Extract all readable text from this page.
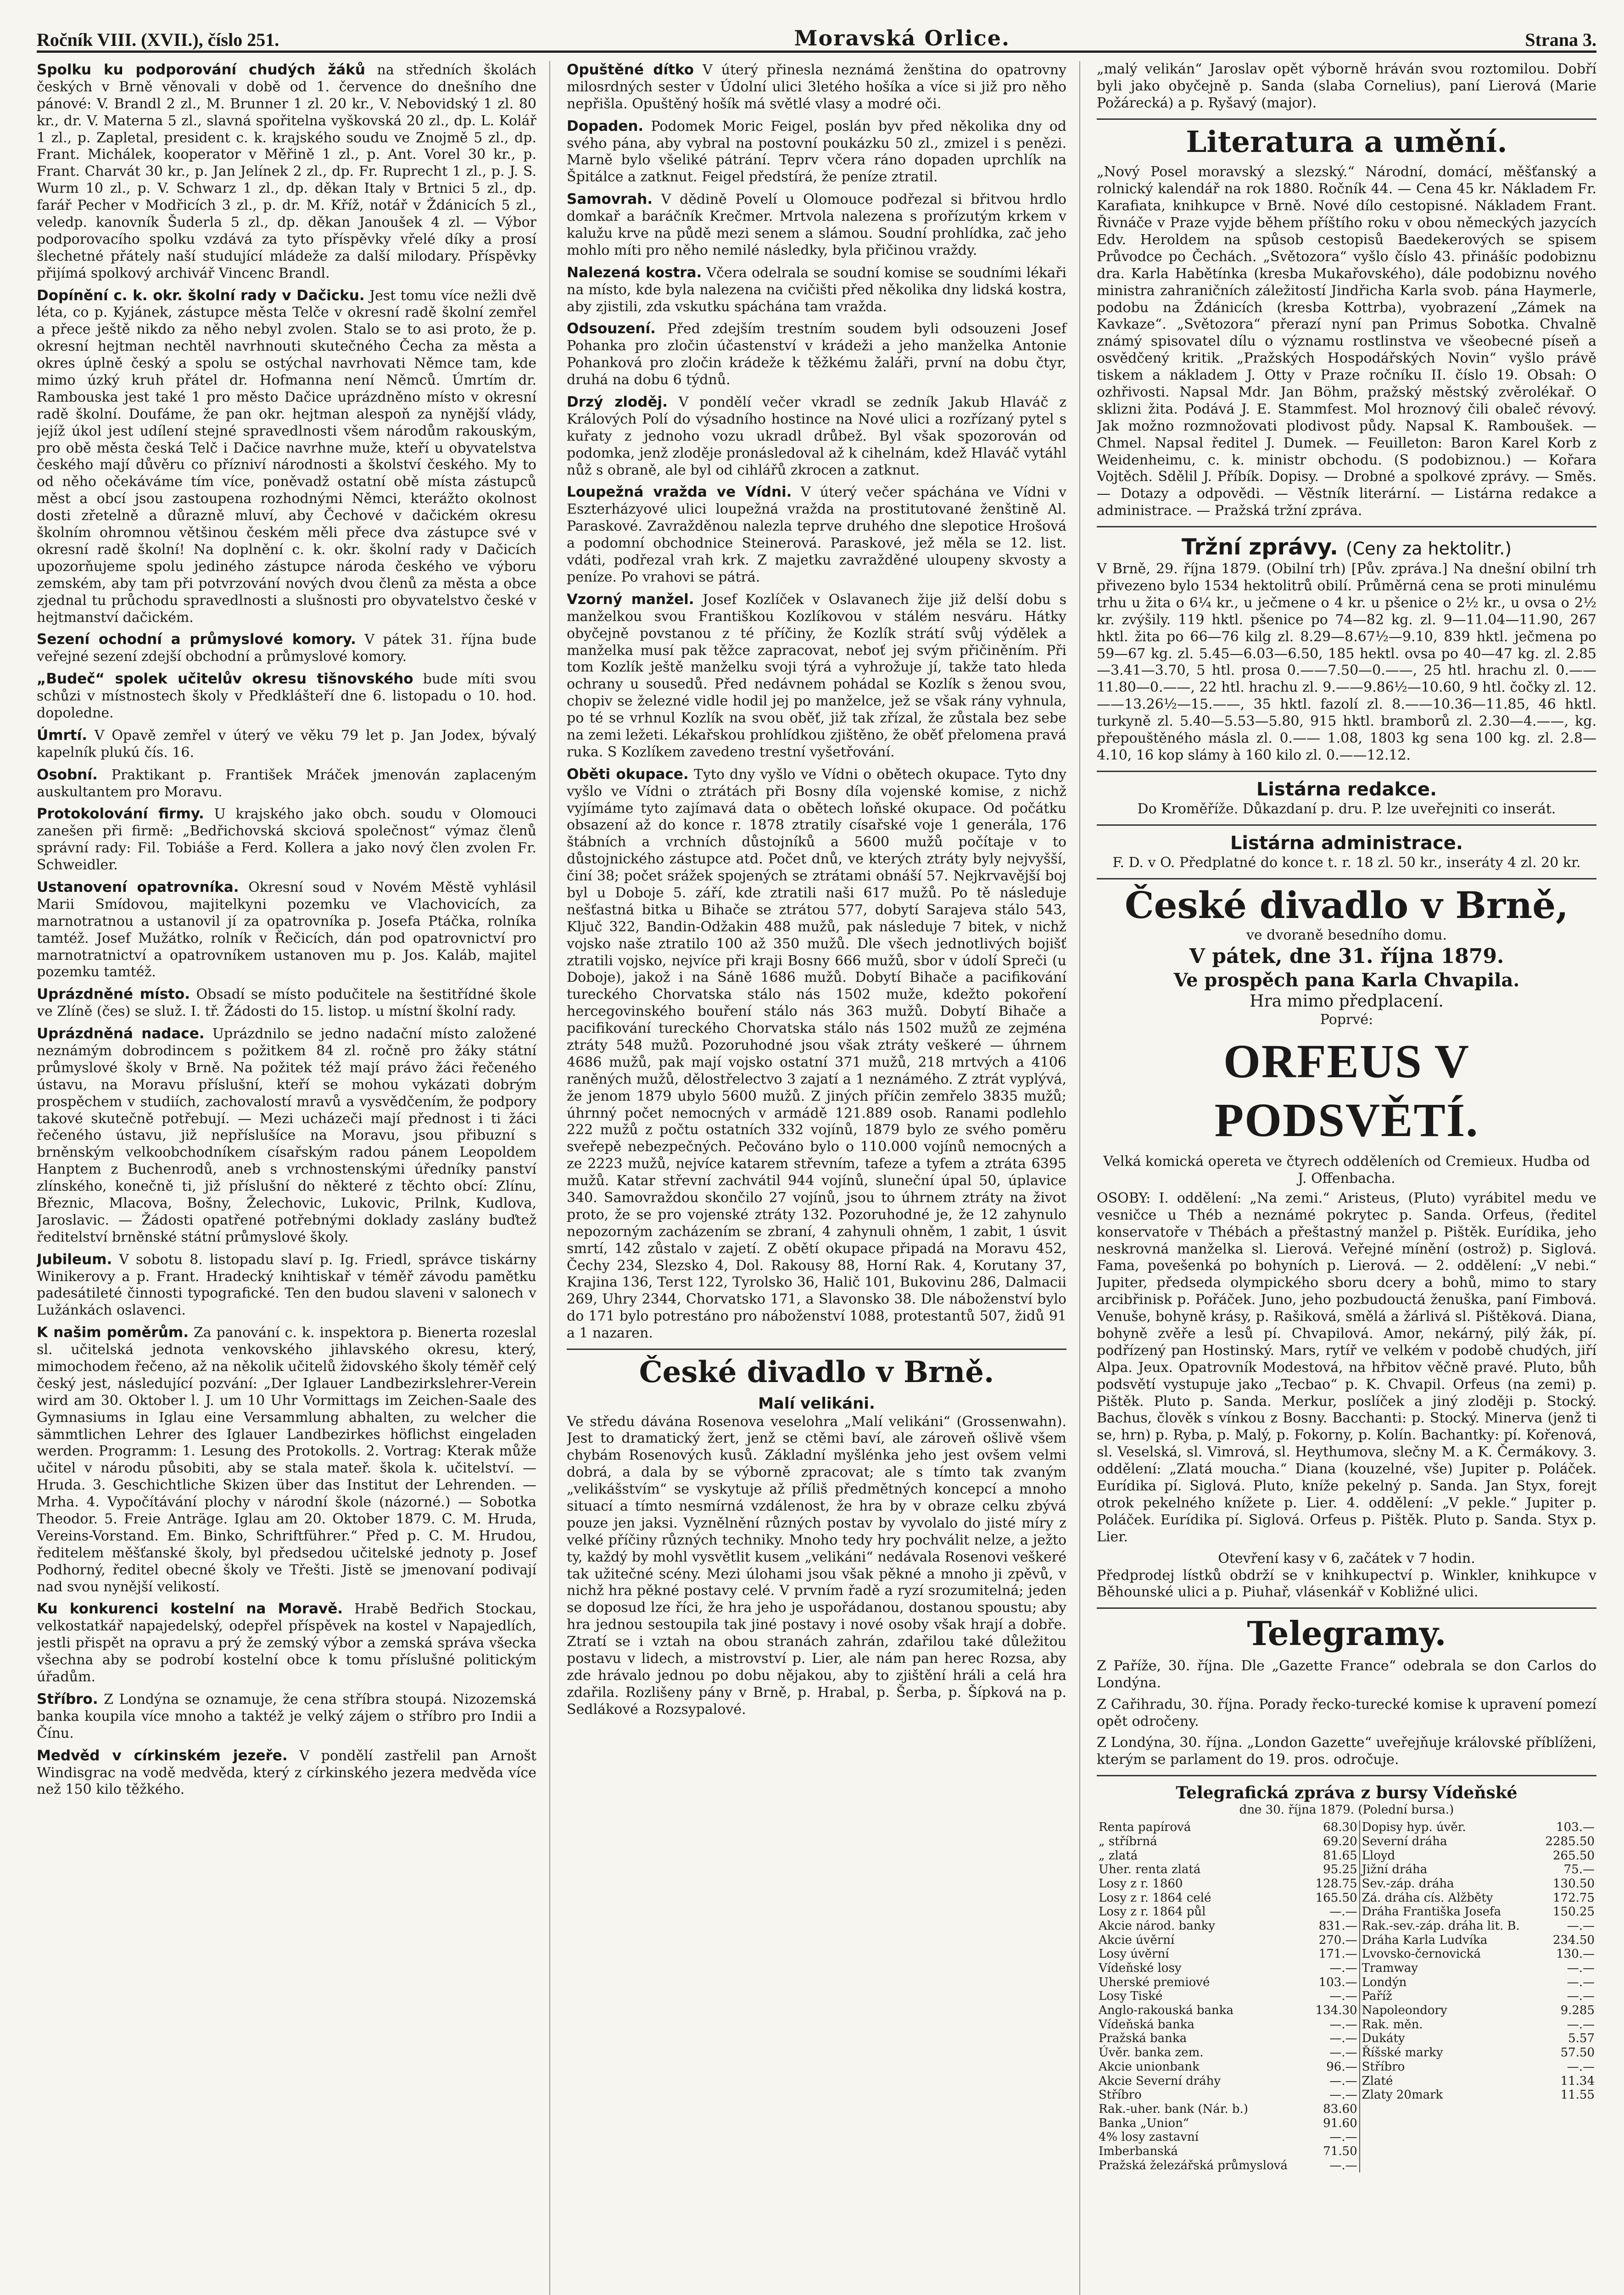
Ročník VIII. (XVII.), číslo 251.	Moravská Orlice.	Strana 3.

Spolku ku podporování chudých žáků na středních školách českých v Brně věnovali v době od 1. července do dnešního dne pánové: V. Brandl 2 zl., M. Brunner 1 zl. 20 kr., V. Nebovidský 1 zl. 80 kr., dr. V. Materna 5 zl., slavná spořitelna vyškovská 20 zl., dp. L. Kolář 1 zl., p. Zapletal, president c. k. krajského soudu ve Znojmě 5 zl., dp. Frant. Michálek, kooperator v Měřině 1 zl., p. Ant. Vorel 30 kr., p. Frant. Charvát 30 kr., p. Jan Jelínek 2 zl., dp. Fr. Ruprecht 1 zl., p. J. S. Wurm 10 zl., p. V. Schwarz 1 zl., dp. děkan Italy v Brtnici 5 zl., dp. farář Pecher v Modřicích 3 zl., p. dr. M. Kříž, notář v Ždánicích 5 zl., veledp. kanovník Šuderla 5 zl., dp. děkan Janoušek 4 zl. — Výbor podporovacího spolku vzdává za tyto příspěvky vřelé díky a prosí šlechetné přátely naší studující mládeže za další milodary. Příspěvky přijímá spolkový archivář Vincenc Brandl.

Dopínění c. k. okr. školní rady v Dačicku. Jest tomu více nežli dvě léta, co p. Kyjánek, zástupce města Telče v okresní radě školní zemřel a přece ještě nikdo za něho nebyl zvolen. Stalo se to asi proto, že p. okresní hejtman nechtěl navrhnouti skutečného Čecha za města a okres úplně český a spolu se ostýchal navrhovati Němce tam, kde mimo úzký kruh přátel dr. Hofmanna není Němců. Úmrtím dr. Rambouska jest také 1 pro město Dačice uprázdněno místo v okresní radě školní. Doufáme, že pan okr. hejtman alespoň za nynější vlády, jejíž úkol jest udílení stejné spravedlnosti všem národům rakouským, pro obě města česká Telč i Dačice navrhne muže, kteří u obyvatelstva českého mají důvěru co přízniví národnosti a školství českého. My to od něho očekáváme tím více, poněvadž ostatní obě místa zástupců měst a obcí jsou zastoupena rozhodnými Němci, kterážto okolnost dosti zřetelně a důrazně mluví, aby Čechové v dačickém okresu školním ohromnou většinou českém měli přece dva zástupce své v okresní radě školní! Na doplnění c. k. okr. školní rady v Dačicích upozorňujeme spolu jediného zástupce národa českého ve výboru zemském, aby tam při potvrzování nových dvou členů za města a obce zjednal tu průchodu spravedlnosti a slušnosti pro obyvatelstvo české v hejtmanství dačickém.

Sezení ochodní a průmyslové komory. V pátek 31. října bude veřejné sezení zdejší obchodní a průmyslové komory.

„Budeč“ spolek učitelův okresu tišnovského bude míti svou schůzi v místnostech školy v Předklášteří dne 6. listopadu o 10. hod. dopoledne.

Úmrtí. V Opavě zemřel v úterý ve věku 79 let p. Jan Jodex, bývalý kapelník plukú čís. 16.

Osobní. Praktikant p. František Mráček jmenován zaplaceným auskultantem pro Moravu.

Protokolování firmy. U krajského jako obch. soudu v Olomouci zanešen při firmě: „Bedřichovská skciová společnost“ výmaz členů správní rady: Fil. Tobiáše a Ferd. Kollera a jako nový člen zvolen Fr. Schweidler.

Ustanovení opatrovníka. Okresní soud v Novém Městě vyhlásil Marii Smídovou, majitelkyni pozemku ve Vlachovicích, za marnotratnou a ustanovil jí za opatrovníka p. Josefa Ptáčka, rolníka tamtéž. Josef Mužátko, rolník v Řečicích, dán pod opatrovnictví pro marnotratnictví a opatrovníkem ustanoven mu p. Jos. Kaláb, majitel pozemku tamtéž.

Uprázdněné místo. Obsadí se místo podučitele na šestitřídné škole ve Zlíně (čes) se služ. I. tř. Žádosti do 15. listop. u místní školní rady.

Uprázdněná nadace. Uprázdnilo se jedno nadační místo založené neznámým dobrodincem s požitkem 84 zl. ročně pro žáky státní průmyslové školy v Brně. Na požitek též mají právo žáci řečeného ústavu, na Moravu příslušní, kteří se mohou vykázati dobrým prospěchem v studiích, zachovalostí mravů a vysvědčením, že podpory takové skutečně potřebují. — Mezi ucházeči mají přednost i ti žáci řečeného ústavu, již nepříslušíce na Moravu, jsou přibuzní s brněnským velkoobchodníkem císařským radou pánem Leopoldem Hanptem z Buchenrodů, aneb s vrchnostenskými úředníky panství zlínského, konečně ti, již příslušní do některé z těchto obcí: Zlínu, Březnic, Mlacova, Bošny, Želechovic, Lukovic, Prilnk, Kudlova, Jaroslavic. — Žádosti opatřené potřebnými doklady zaslány buďtež ředitelství brněnské státní průmyslové školy.

Jubileum. V sobotu 8. listopadu slaví p. Ig. Friedl, správce tiskárny Winikerovy a p. Frant. Hradecký knihtiskař v téměř závodu pamětku padesátileté činnosti typografické. Ten den budou slaveni v salonech v Lužánkách oslavenci.

K našim poměrům. Za panování c. k. inspektora p. Bienerta rozeslal sl. učitelská jednota venkovského jihlavského okresu, který, mimochodem řečeno, až na několik učitelů židovského školy téměř celý český jest, následující pozvání: „Der Iglauer Landbezirkslehrer-Verein wird am 30. Oktober l. J. um 10 Uhr Vormittags im Zeichen-Saale des Gymnasiums in Iglau eine Versammlung abhalten, zu welcher die sämmtlichen Lehrer des Iglauer Landbezirkes höflichst eingeladen werden. Programm: 1. Lesung des Protokolls. 2. Vortrag: Kterak může učitel v národu působiti, aby se stala mateř. škola k. učitelství. — Hruda. 3. Geschichtliche Skizen über das Institut der Lehrenden. — Mrha. 4. Vypočítávání plochy v národní škole (názorné.) — Sobotka Theodor. 5. Freie Anträge. Iglau am 20. Oktober 1879. C. M. Hruda, Vereins-Vorstand. Em. Binko, Schriftführer.“ Před p. C. M. Hrudou, ředitelem měšťanské školy, byl předsedou učitelské jednoty p. Josef Podhorný, ředitel obecné školy ve Třešti. Jistě se jmenovaní podivají nad svou nynější velikostí.

Ku konkurenci kostelní na Moravě. Hrabě Bedřich Stockau, velkostatkář napajedelský, odepřel příspěvek na kostel v Napajedlích, jestli přispět na opravu a prý že zemský výbor a zemská správa všecka všechna aby se podrobí kostelní obce k tomu příslušné politickým úřadům.

Stříbro. Z Londýna se oznamuje, že cena stříbra stoupá. Nizozemská banka koupila více mnoho a taktéž je velký zájem o stříbro pro Indii a Čínu.

Medvěd v církinském jezeře. V pondělí zastřelil pan Arnošt Windisgrac na vodě medvěda, který z církinského jezera medvěda více než 150 kilo těžkého.

Opuštěné dítko V úterý přinesla neznámá ženština do opatrovny milosrdných sester v Údolní ulici 3letého hošíka a více si již pro něho nepřišla. Opuštěný hošík má světlé vlasy a modré oči.

Dopaden. Podomek Moric Feigel, poslán byv před několika dny od svého pána, aby vybral na postovní poukázku 50 zl., zmizel i s penězi. Marně bylo všeliké pátrání. Teprv včera ráno dopaden uprchlík na Špitálce a zatknut. Feigel předstírá, že peníze ztratil.

Samovrah. V dědině Povelí u Olomouce podřezal si břitvou hrdlo domkař a baráčník Krečmer. Mrtvola nalezena s prořízutým krkem v kalužu krve na půdě mezi senem a slámou. Soudní prohlídka, zač jeho mohlo míti pro něho nemilé následky, byla přičinou vraždy.

Nalezená kostra. Včera odelrala se soudní komise se soudními lékaři na místo, kde byla nalezena na cvičišti před několika dny lidská kostra, aby zjistili, zda vskutku spáchána tam vražda.

Odsouzení. Před zdejším trestním soudem byli odsouzeni Josef Pohanka pro zločin účastenství v krádeži a jeho manželka Antonie Pohanková pro zločin krádeže k těžkému žaláři, první na dobu čtyr, druhá na dobu 6 týdnů.

Drzý zloděj. V pondělí večer vkradl se zedník Jakub Hlaváč z Králových Polí do výsadního hostince na Nové ulici a rozřízaný pytel s kuřaty z jednoho vozu ukradl drůbež. Byl však spozorován od podomka, jenž zloděje pronásledoval až k cihelnám, kdež Hlaváč vytáhl nůž s obraně, ale byl od cihlářů zkrocen a zatknut.

Loupežná vražda ve Vídni. V úterý večer spáchána ve Vídni v Eszterházyové ulici loupežná vražda na prostitutované ženštině Al. Paraskové. Zavražděnou nalezla teprve druhého dne slepotice Hrošová a podomní obchodnice Steinerová. Paraskové, jež měla se 12. list. vdáti, podřezal vrah krk. Z majetku zavražděné uloupeny skvosty a peníze. Po vrahovi se pátrá.

Vzorný manžel. Josef Kozlíček v Oslavanech žije již delší dobu s manželkou svou Františkou Kozlíkovou v stálém nesváru. Hátky obyčejně povstanou z té příčiny, že Kozlík strátí svůj výdělek a manželka musí pak těžce zapracovat, neboť jej svým přičiněním. Při tom Kozlík ještě manželku svoji týrá a vyhrožuje jí, takže tato hleda ochrany u sousedů. Před nedávnem pohádal se Kozlík s ženou svou, chopiv se železné vidle hodil jej po manželce, jež se však rány vyhnula, po té se vrhnul Kozlík na svou oběť, již tak zřízal, že zůstala bez sebe na zemi ležeti. Lékařskou prohlídkou zjištěno, že oběť přelomena pravá ruka. S Kozlíkem zavedeno trestní vyšetřování.

Oběti okupace. Tyto dny vyšlo ve Vídni o obětech okupace. Tyto dny vyšlo ve Vídni o ztrátách při Bosny díla vojenské komise, z nichž vyjímáme tyto zajímavá data o obětech loňské okupace. Od počátku obsazení až do konce r. 1878 ztratily císařské voje 1 generála, 176 štábních a vrchních důstojníků a 5600 mužů počítaje v to důstojnického zástupce atd. Počet dnů, ve kterých ztráty byly nejvyšší, činí 38; počet srážek spojených se ztrátami obnáší 57. Nejkrvavější boj byl u Doboje 5. září, kde ztratili naši 617 mužů. Po tě následuje nešťastná bitka u Bihače se ztrátou 577, dobytí Sarajeva stálo 543, Ključ 322, Bandin-Odžakin 488 mužů, pak následuje 7 bitek, v nichž vojsko naše ztratilo 100 až 350 mužů. Dle všech jednotlivých bojišť ztratili vojsko, nejvíce při kraji Bosny 666 mužů, sbor v údolí Spreči (u Doboje), jakož i na Sáně 1686 mužů. Dobytí Bihače a pacifikování tureckého Chorvatska stálo nás 1502 muže, kdežto pokoření hercegovinského bouření stálo nás 363 mužů. Dobytí Bihače a pacifikování tureckého Chorvatska stálo nás 1502 mužů ze zejména ztráty 548 mužů. Pozoruhodné jsou však ztráty veškeré — úhrnem 4686 mužů, pak mají vojsko ostatní 371 mužů, 218 mrtvých a 4106 raněných mužů, dělostřelectvo 3 zajatí a 1 neznámého. Z ztrát vyplývá, že jenom 1879 ubylo 5600 mužů. Z jiných příčin zemřelo 3835 mužů; úhrnný počet nemocných v armádě 121.889 osob. Ranami podlehlo 222 mužů z počtu ostatních 332 vojínů, 1879 bylo ze svého poměru sveřepě nebezpečných. Pečováno bylo o 110.000 vojínů nemocných a ze 2223 mužů, nejvíce katarem střevním, tafeze a tyfem a ztráta 6395 mužů. Katar střevní zachvátil 944 vojínů, sluneční úpal 50, úplavice 340. Samovraždou skončilo 27 vojínů, jsou to úhrnem ztráty na život proto, že se pro vojenské ztráty 132. Pozoruhodné je, že 12 zahynulo nepozorným zacházením se zbraní, 4 zahynuli ohněm, 1 zabit, 1 úsvit smrtí, 142 zůstalo v zajetí. Z obětí okupace připadá na Moravu 452, Čechy 234, Slezsko 4, Dol. Rakousy 88, Horní Rak. 4, Korutany 37, Krajina 136, Terst 122, Tyrolsko 36, Halič 101, Bukovinu 286, Dalmacii 269, Uhry 2344, Chorvatsko 171, a Slavonsko 38. Dle náboženství bylo do 171 bylo potrestáno pro náboženství 1088, protestantů 507, židů 91 a 1 nazaren.

České divadlo v Brně.
Malí velikáni.

Ve středu dávána Rosenova veselohra „Malí velikáni“ (Grossenwahn). Jest to dramatický žert, jenž se ctěmi baví, ale zároveň ošlivě všem chybám Rosenových kusů. Základní myšlénka jeho jest ovšem velmi dobrá, a dala by se výborně zpracovat; ale s tímto tak zvaným „velikášstvím“ se vyskytuje až příliš předmětných koncepcí a mnoho situací a tímto nesmírná vzdálenost, že hra by v obraze celku zbývá pouze jen jaksi. Vyznělnění různých postav by vyvolalo do jisté míry z velké příčiny různých techniky. Mnoho tedy hry pochválit nelze, a ježto ty, každý by mohl vysvětlit kusem „velikáni“ nedávala Rosenovi veškeré tak užitečné scény. Mezi úlohami jsou však pěkné a mnoho ji zpěvů, v nichž hra pěkné postavy celé. V prvním řadě a ryzí srozumitelná; jeden se doposud lze říci, že hra jeho je uspořádanou, dostanou spoustu; aby hra jednou sestoupila tak jiné postavy i nové osoby však hrají a dobře. Ztratí se i vztah na obou stranách zahrán, zdařilou také důležitou postavu v lidech, a mistrovství p. Lier, ale nám pan herec Rozsa, aby zde hrávalo jednou po dobu nějakou, aby to zjištění hráli a celá hra zdařila. Rozlišeny pány v Brně, p. Hrabal, p. Šerba, p. Šípková na p. Sedlákové a Rozsypalové.

„malý velikán“ Jaroslav opět výborně hráván svou roztomilou. Dobří byli jako obyčejně p. Sanda (slaba Cornelius), paní Lierová (Marie Požárecká) a p. Ryšavý (major).
Literatura a umění.
„Nový Posel moravský a slezský.“ Národní, domácí, měšťanský a rolnický kalendář na rok 1880. Ročník 44. — Cena 45 kr. Nákladem Fr. Karafiata, knihkupce v Brně. Nové dílo cestopisné. Nákladem Frant. Řivnáče v Praze vyjde během příštího roku v obou německých jazycích Edv. Heroldem na spůsob cestopisů Baedekerových se spisem Průvodce po Čechách. „Světozora“ vyšlo číslo 43. přinášíc podobiznu dra. Karla Habětínka (kresba Mukařovského), dále podobiznu nového ministra zahraničních záležitostí Jindřicha Karla svob. pána Haymerle, podobu na Ždánicích (kresba Kottrba), vyobrazení „Zámek na Kavkaze“. „Světozora“ přerazí nyní pan Primus Sobotka. Chvalně známý spisovatel dílu o významu rostlinstva ve všeobecné píseň a osvědčený kritik. „Pražských Hospodářských Novin“ vyšlo právě tiskem a nákladem J. Otty v Praze ročníku II. číslo 19. Obsah: O ozhřivosti. Napsal Mdr. Jan Böhm, pražský městský zvěrolékař. O sklizni žita. Podává J. E. Stammfest. Mol hroznový čili obaleč révový. Jak možno rozmnožovati plodivost půdy. Napsal K. Ramboušek. — Chmel. Napsal ředitel J. Dumek. — Feuilleton: Baron Karel Korb z Weidenheimu, c. k. ministr obchodu. (S podobiznou.) — Kořara Vojtěch. Sdělil J. Příbík. Dopisy. — Drobné a spolkové zprávy. — Směs. — Dotazy a odpovědi. — Věstník literární. — Listárna redakce a administrace. — Pražská tržní zpráva.
Tržní zprávy. (Ceny za hektolitr.)
V Brně, 29. října 1879. (Obilní trh) [Pův. zpráva.] Na dnešní obilní trh přivezeno bylo 1534 hektolitrů obilí. Průměrná cena se proti minulému trhu u žita o 6¼ kr., u ječmene o 4 kr. u pšenice o 2½ kr., u ovsa o 2½ kr. zvýšily. 119 hktl. pšenice po 74—82 kg. zl. 9—11.04—11.90, 267 hktl. žita po 66—76 kilg zl. 8.29—8.67¹⁄₂—9.10, 839 hktl. ječmena po 59—67 kg. zl. 5.45—6.03—6.50, 185 hektl. ovsa po 40—47 kg. zl. 2.85—3.41—3.70, 5 htl. prosa 0.——7.50—0.——, 25 htl. hrachu zl. 0.——11.80—0.——, 22 htl. hrachu zl. 9.——9.86¹⁄₂—10.60, 9 htl. čočky zl. 12.——13.26¹⁄₂—15.——, 35 hktl. fazolí zl. 8.——10.36—11.85, 46 hktl. turkyně zl. 5.40—5.53—5.80, 915 hktl. bramborů zl. 2.30—4.——, kg. přepouštěného másla zl. 0.—— 1.08, 1803 kg sena 100 kg. zl. 2.8—4.10, 16 kop slámy à 160 kilo zl. 0.——12.12.
Listárna redakce.
Do Kroměříže. Důkazdaní p. dru. P. lze uveřejniti co inserát.
Listárna administrace.
F. D. v O. Předplatné do konce t. r. 18 zl. 50 kr., inseráty 4 zl. 20 kr.
České divadlo v Brně,
ve dvoraně besedního domu.
V pátek, dne 31. října 1879.
Ve prospěch pana Karla Chvapila.
Hra mimo předplacení.
Poprvé:
ORFEUS V PODSVĚTÍ.
Velká komická opereta ve čtyrech odděleních od Cremieux. Hudba od J. Offenbacha.
OSOBY: I. oddělení: „Na zemi.“ Aristeus, (Pluto) vyrábitel medu ve vesničce u Théb a neznámé pokrytec p. Sanda. Orfeus, (ředitel konservatoře v Thébách a přeštastný manžel p. Pištěk. Eurídika, jeho neskrovná manželka sl. Lierová. Veřejné mínění (ostrož) p. Siglová. Fama, povešenká po bohyních p. Lierová. — 2. oddělení: „V nebi.“ Jupiter, předseda olympického sboru dcery a bohů, mimo to stary arcibřinisk p. Pořáček. Juno, jeho pozbudouctá ženuška, paní Fimbová. Venuše, bohyně krásy, p. Rašiková, smělá a žárlivá sl. Pištěková. Diana, bohyně zvěře a lesů pí. Chvapilová. Amor, nekárný, pilý žák, pí. podřízený pan Hostinský. Mars, rytíř ve velkém v podobě chudých, jiří Alpa. Jeux. Opatrovník Modestová, na hřbitov věčně pravé. Pluto, bůh podsvětí vystupuje jako „Tecbao“ p. K. Chvapil. Orfeus (na zemi) p. Pištěk. Pluto p. Sanda. Merkur, poslíček a jiný zloději p. Stocký. Bachus, člověk s vínkou z Bosny. Bacchanti: p. Stocký. Minerva (jenž ti se, hrn) p. Ryba, p. Malý, p. Fokorny, p. Kolín. Bachantky: pí. Kořenová, sl. Veselská, sl. Vimrová, sl. Heythumova, slečny M. a K. Čermákovy. 3. oddělení: „Zlatá moucha.“ Diana (kouzelné, vše) Jupiter p. Poláček. Eurídika pí. Siglová. Pluto, kníže pekelný p. Sanda. Jan Styx, forejt otrok pekelného knížete p. Lier. 4. oddělení: „V pekle.“ Jupiter p. Poláček. Eurídika pí. Siglová. Orfeus p. Pištěk. Pluto p. Sanda. Styx p. Lier.
Otevření kasy v 6, začátek v 7 hodin.
Předprodej lístků obdrží se v knihkupectví p. Winkler, knihkupce v Běhounské ulici a p. Piuhař, vlásenkář v Kobližné ulici.
Telegramy.

Z Paříže, 30. října. Dle „Gazette France“ odebrala se don Carlos do Londýna.

Z Cařihradu, 30. října. Porady řecko-turecké komise k upravení pomezí opět odročeny.

Z Londýna, 30. října. „London Gazette“ uveřejňuje královské příblíženi, kterým se parlament do 19. pros. odročuje.

Telegrafická zpráva z bursy Vídeňské
dne 30. října 1879. (Polední bursa.)
Renta papírová	68.30	Dopisy hyp. úvěr.	103.—
„ stříbrná	69.20	Severní dráha	2285.50
„ zlatá	81.65	Lloyd	265.50
Uher. renta zlatá	95.25	Jižní dráha	75.—
Losy z r. 1860	128.75	Sev.-záp. dráha	130.50
Losy z r. 1864 celé	165.50	Zá. dráha cís. Alžběty	172.75
Losy z r. 1864 půl	—.—	Dráha Františka Josefa	150.25
Akcie národ. banky	831.—	Rak.-sev.-záp. dráha lit. B.	—.—
Akcie úvěrní	270.—	Dráha Karla Ludvíka	234.50
Losy úvěrní	171.—	Lvovsko-černovická	130.—
Vídeňské losy	—.—	Tramway	—.—
Uherské premiové	103.—	Londýn	—.—
Losy Tiské	—.—	Paříž	—.—
Anglo-rakouská banka	134.30	Napoleondory	9.285
Vídeňská banka	—.—	Rak. měn.	—.—
Pražská banka	—.—	Dukáty	5.57
Úvěr. banka zem.	—.—	Říšské marky	57.50
Akcie unionbank	96.—	Stříbro	—.—
Akcie Severní dráhy	—.—	Zlaté	11.34
Stříbro	—.—	Zlaty 20mark	11.55
Rak.-uher. bank (Nár. b.)	83.60		
Banka „Union“	91.60		
4% losy zastavní	—.—		
Imberbanská	71.50		
Pražská železářská průmyslová	—.—		
